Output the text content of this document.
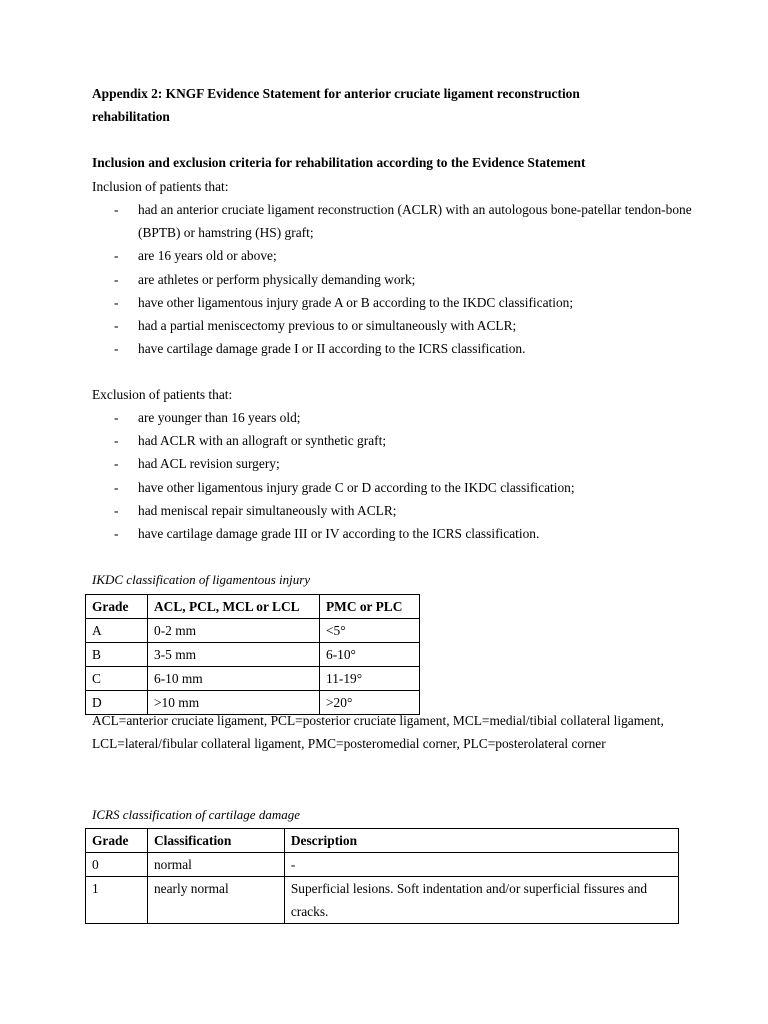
Appendix 2: KNGF Evidence Statement for anterior cruciate ligament reconstruction
rehabilitation
Inclusion and exclusion criteria for rehabilitation according to the Evidence Statement
Inclusion of patients that:
- had an anterior cruciate ligament reconstruction (ACLR) with an autologous bone-patellar tendon-bone (BPTB) or hamstring (HS) graft;
- are 16 years old or above;
- are athletes or perform physically demanding work;
- have other ligamentous injury grade A or B according to the IKDC classification;
- had a partial meniscectomy previous to or simultaneously with ACLR;
- have cartilage damage grade I or II according to the ICRS classification.
Exclusion of patients that:
- are younger than 16 years old;
- had ACLR with an allograft or synthetic graft;
- had ACL revision surgery;
- have other ligamentous injury grade C or D according to the IKDC classification;
- had meniscal repair simultaneously with ACLR;
- have cartilage damage grade III or IV according to the ICRS classification.
IKDC classification of ligamentous injury
Grade	ACL, PCL, MCL or LCL	PMC or PLC
A	0-2 mm	<5°
B	3-5 mm	6-10°
C	6-10 mm	11-19°
D	>10 mm	>20°
ACL=anterior cruciate ligament, PCL=posterior cruciate ligament, MCL=medial/tibial collateral ligament, LCL=lateral/fibular collateral ligament, PMC=posteromedial corner, PLC=posterolateral corner
ICRS classification of cartilage damage
Grade	Classification	Description
0	normal	-
1	nearly normal	Superficial lesions. Soft indentation and/or superficial fissures and cracks.
